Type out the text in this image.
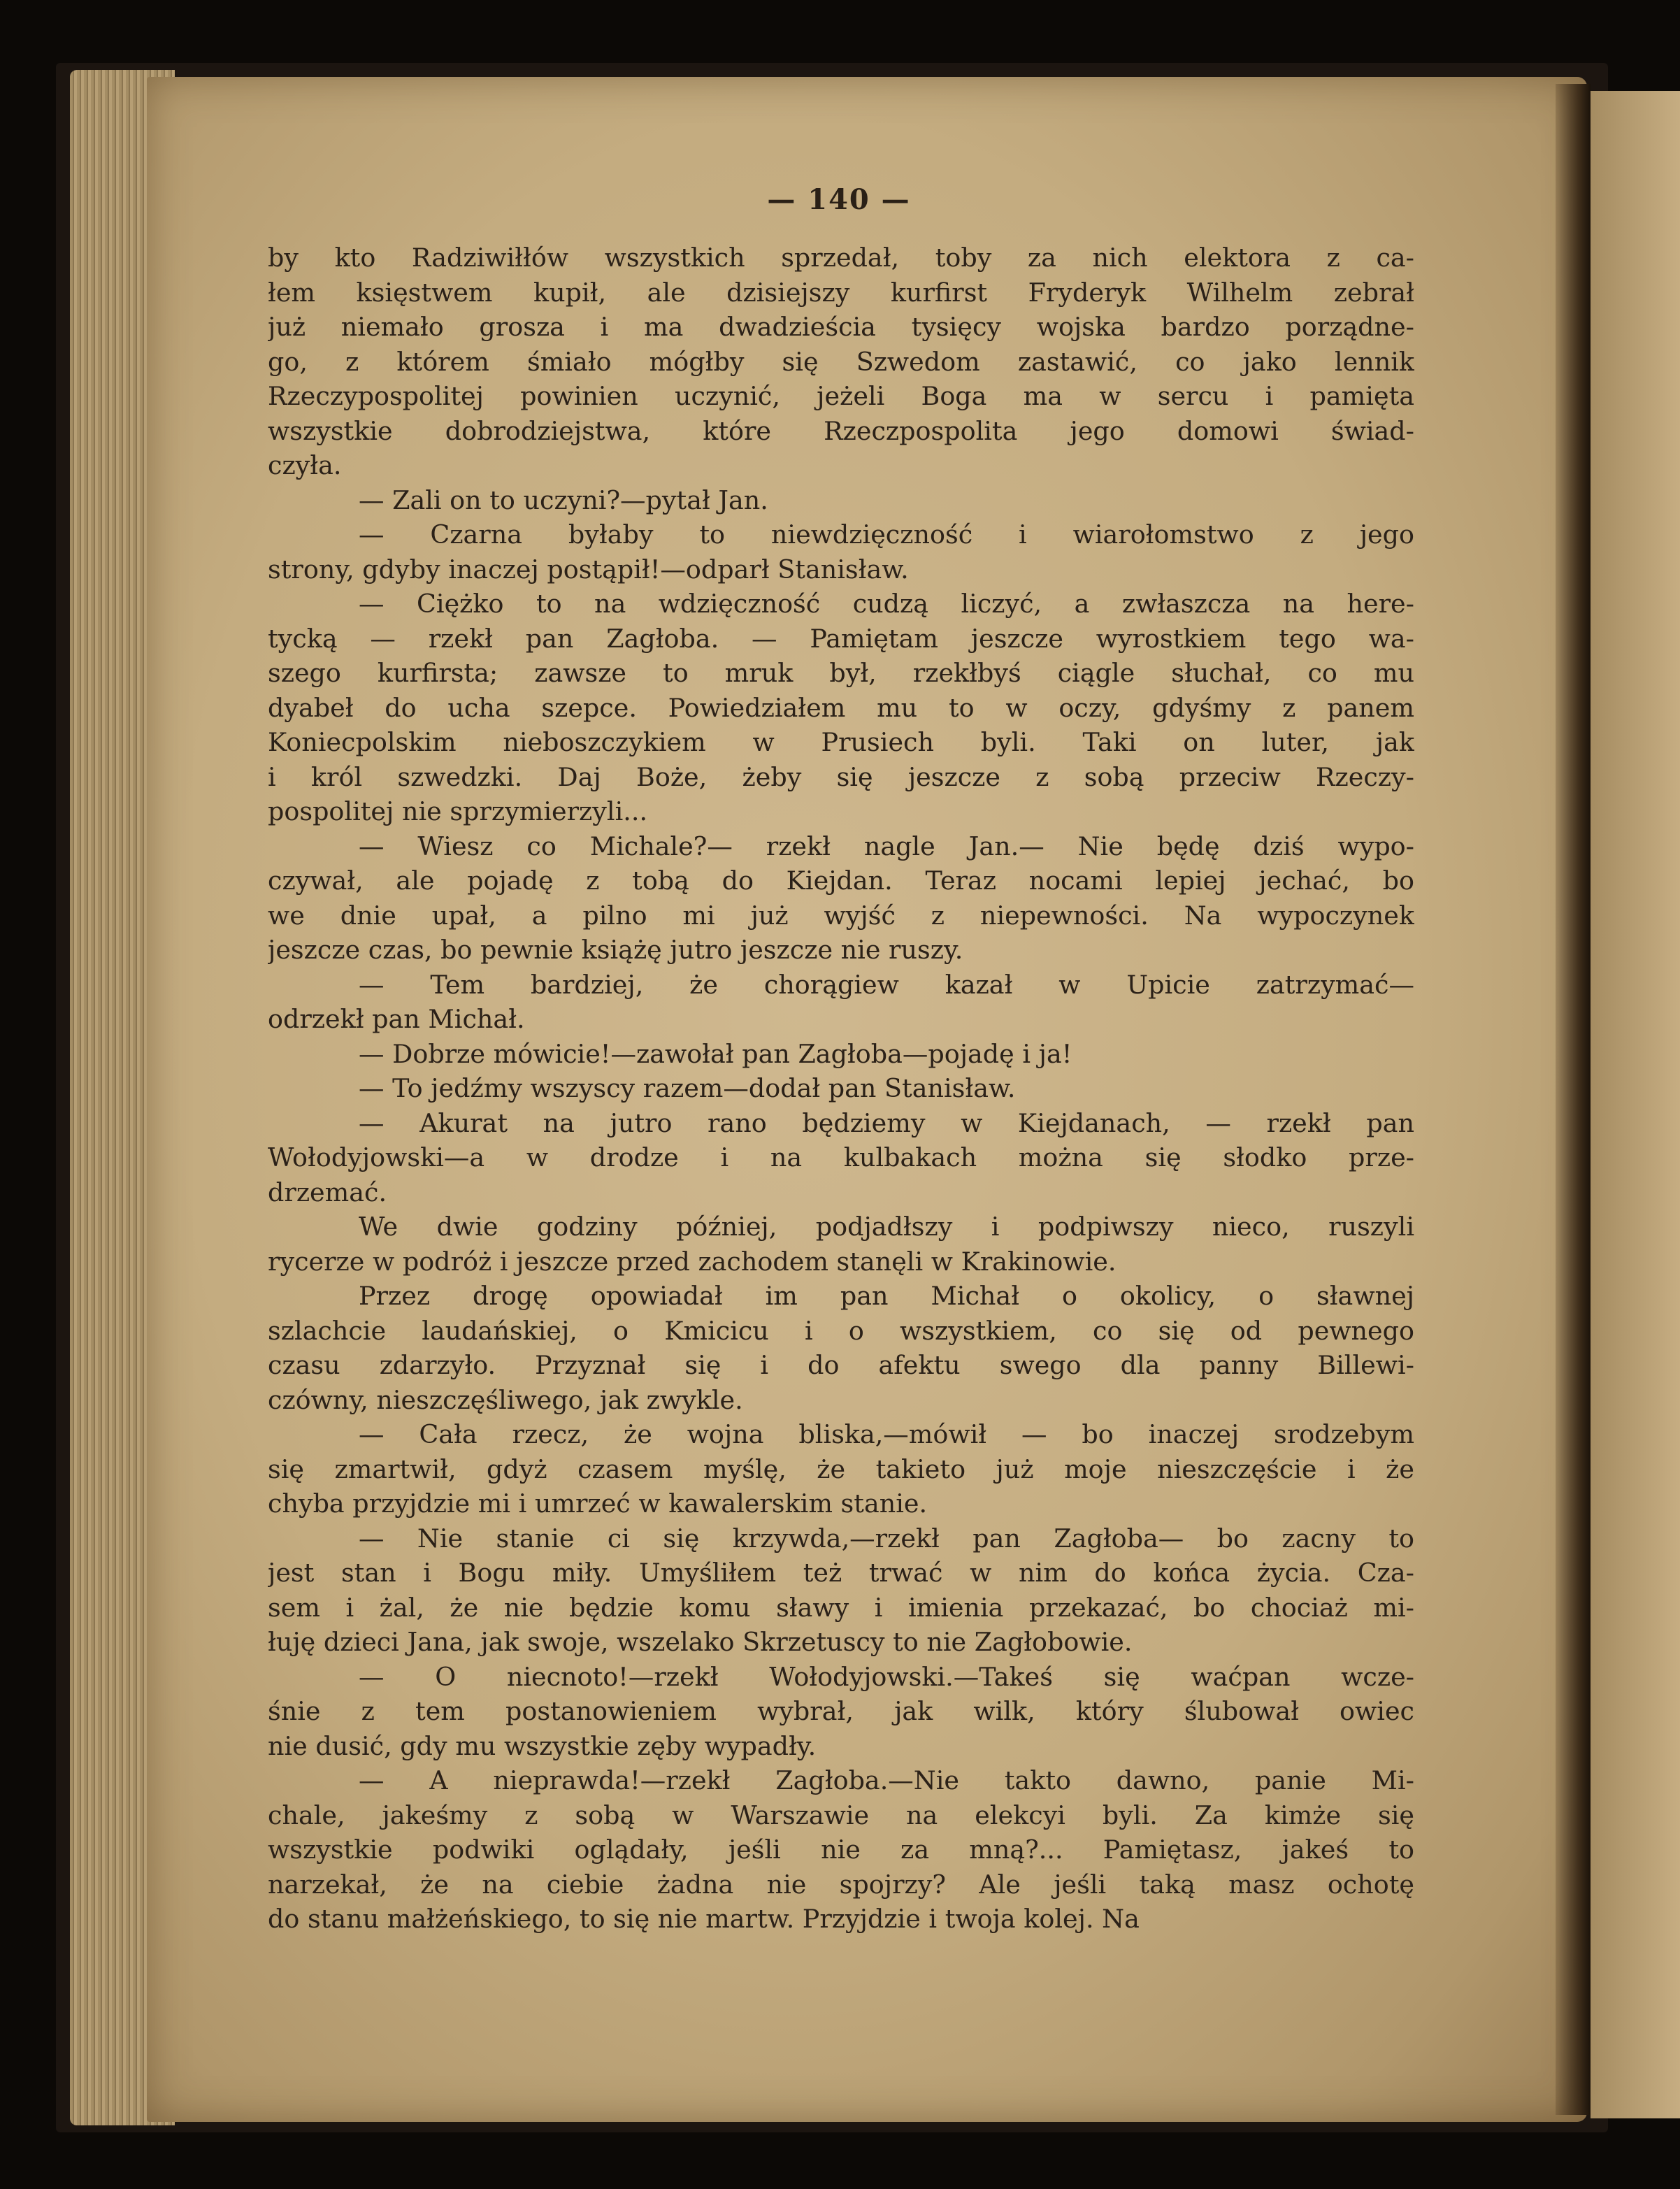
— 140 —
by kto Radziwiłłów wszystkich sprzedał, toby za nich elektora z ca-
łem księstwem kupił, ale dzisiejszy kurfirst Fryderyk Wilhelm zebrał
już niemało grosza i ma dwadzieścia tysięcy wojska bardzo porządne-
go, z którem śmiało mógłby się Szwedom zastawić, co jako lennik
Rzeczypospolitej powinien uczynić, jeżeli Boga ma w sercu i pamięta
wszystkie dobrodziejstwa, które Rzeczpospolita jego domowi świad-
czyła.
— Zali on to uczyni?—pytał Jan.
— Czarna byłaby to niewdzięczność i wiarołomstwo z jego
strony, gdyby inaczej postąpił!—odparł Stanisław.
— Ciężko to na wdzięczność cudzą liczyć, a zwłaszcza na here-
tycką — rzekł pan Zagłoba. — Pamiętam jeszcze wyrostkiem tego wa-
szego kurfirsta; zawsze to mruk był, rzekłbyś ciągle słuchał, co mu
dyabeł do ucha szepce. Powiedziałem mu to w oczy, gdyśmy z panem
Koniecpolskim nieboszczykiem w Prusiech byli. Taki on luter, jak
i król szwedzki. Daj Boże, żeby się jeszcze z sobą przeciw Rzeczy-
pospolitej nie sprzymierzyli...
— Wiesz co Michale?— rzekł nagle Jan.— Nie będę dziś wypo-
czywał, ale pojadę z tobą do Kiejdan. Teraz nocami lepiej jechać, bo
we dnie upał, a pilno mi już wyjść z niepewności. Na wypoczynek
jeszcze czas, bo pewnie książę jutro jeszcze nie ruszy.
— Tem bardziej, że chorągiew kazał w Upicie zatrzymać—
odrzekł pan Michał.
— Dobrze mówicie!—zawołał pan Zagłoba—pojadę i ja!
— To jedźmy wszyscy razem—dodał pan Stanisław.
— Akurat na jutro rano będziemy w Kiejdanach, — rzekł pan
Wołodyjowski—a w drodze i na kulbakach można się słodko prze-
drzemać.
We dwie godziny później, podjadłszy i podpiwszy nieco, ruszyli
rycerze w podróż i jeszcze przed zachodem stanęli w Krakinowie.
Przez drogę opowiadał im pan Michał o okolicy, o sławnej
szlachcie laudańskiej, o Kmicicu i o wszystkiem, co się od pewnego
czasu zdarzyło. Przyznał się i do afektu swego dla panny Billewi-
czówny, nieszczęśliwego, jak zwykle.
— Cała rzecz, że wojna bliska,—mówił — bo inaczej srodzebym
się zmartwił, gdyż czasem myślę, że takieto już moje nieszczęście i że
chyba przyjdzie mi i umrzeć w kawalerskim stanie.
— Nie stanie ci się krzywda,—rzekł pan Zagłoba— bo zacny to
jest stan i Bogu miły. Umyśliłem też trwać w nim do końca życia. Cza-
sem i żal, że nie będzie komu sławy i imienia przekazać, bo chociaż mi-
łuję dzieci Jana, jak swoje, wszelako Skrzetuscy to nie Zagłobowie.
— O niecnoto!—rzekł Wołodyjowski.—Takeś się waćpan wcze-
śnie z tem postanowieniem wybrał, jak wilk, który ślubował owiec
nie dusić, gdy mu wszystkie zęby wypadły.
— A nieprawda!—rzekł Zagłoba.—Nie takto dawno, panie Mi-
chale, jakeśmy z sobą w Warszawie na elekcyi byli. Za kimże się
wszystkie podwiki oglądały, jeśli nie za mną?... Pamiętasz, jakeś to
narzekał, że na ciebie żadna nie spojrzy? Ale jeśli taką masz ochotę
do stanu małżeńskiego, to się nie martw. Przyjdzie i twoja kolej. Na
